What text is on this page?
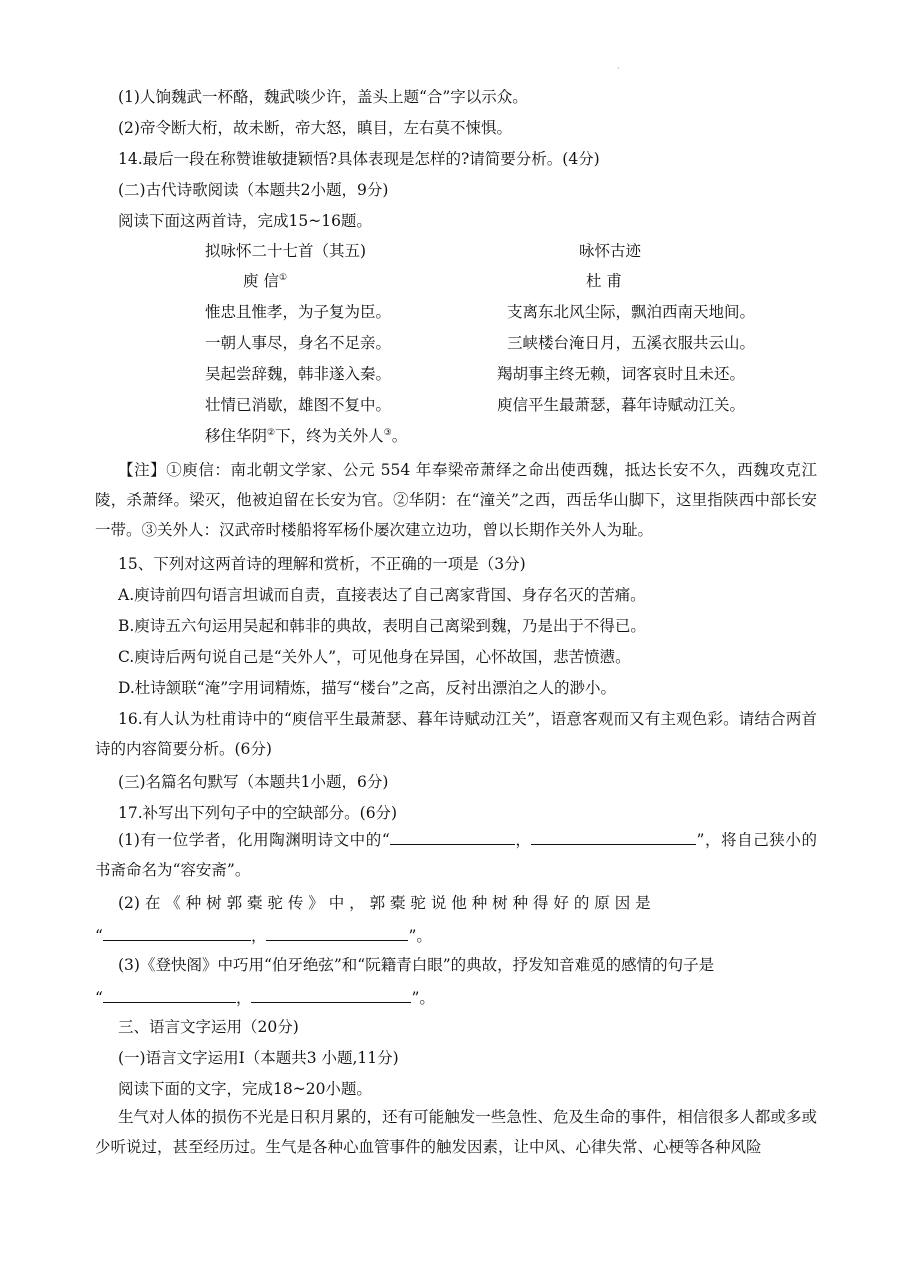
·
(1)人饷魏武一杯酪，魏武啖少许，盖头上题“合”字以示众。
(2)帝令断大桁，故未断，帝大怒，瞋目，左右莫不悚惧。
14.最后一段在称赞谁敏捷颖悟?具体表现是怎样的?请简要分析。(4分)
(二)古代诗歌阅读（本题共2小题，9分)
阅读下面这两首诗，完成15~16题。
拟咏怀二十七首（其五)
庾 信①
惟忠且惟孝，为子复为臣。
一朝人事尽，身名不足亲。
吴起尝辞魏，韩非遂入秦。
壮情已消歇，雄图不复中。
移住华阴②下，终为关外人③。
咏怀古迹
杜 甫
支离东北风尘际，飘泊西南天地间。
三峡楼台淹日月，五溪衣服共云山。
羯胡事主终无赖，词客哀时且未还。
庾信平生最萧瑟，暮年诗赋动江关。
【注】①庾信：南北朝文学家、公元 554 年奉梁帝萧绎之命出使西魏，抵达长安不久，西魏攻克江陵，杀萧绎。梁灭，他被迫留在长安为官。②华阴：在“潼关”之西，西岳华山脚下，这里指陕西中部长安一带。③关外人：汉武帝时楼船将军杨仆屡次建立边功，曾以长期作关外人为耻。
15、下列对这两首诗的理解和赏析，不正确的一项是（3分)
A.庾诗前四句语言坦诚而自责，直接表达了自己离家背国、身存名灭的苦痛。
B.庾诗五六句运用吴起和韩非的典故，表明自己离梁到魏，乃是出于不得已。
C.庾诗后两句说自己是“关外人”，可见他身在异国，心怀故国，悲苦愤懑。
D.杜诗颔联“淹”字用词精炼，描写“楼台”之高，反衬出漂泊之人的渺小。
16.有人认为杜甫诗中的“庾信平生最萧瑟、暮年诗赋动江关”，语意客观而又有主观色彩。请结合两首诗的内容简要分析。(6分)
(三)名篇名句默写（本题共1小题，6分)
17.补写出下列句子中的空缺部分。(6分)
(1)有一位学者，化用陶渊明诗文中的“	，	”，将自己狭小的书斋命名为“容安斋”。
(2) 在 《 种 树 郭 橐 驼 传 》 中 ， 郭 橐 驼 说 他 种 树 种 得 好 的 原 因 是
“	，	”。
(3)《登快阁》中巧用“伯牙绝弦”和“阮籍青白眼”的典故，抒发知音难觅的感情的句子是
“	，	”。
三、语言文字运用（20分)
(一)语言文字运用Ⅰ（本题共3 小题,11分)
阅读下面的文字，完成18~20小题。
生气对人体的损伤不光是日积月累的，还有可能触发一些急性、危及生命的事件，相信很多人都或多或少听说过，甚至经历过。生气是各种心血管事件的触发因素，让中风、心律失常、心梗等各种风险
